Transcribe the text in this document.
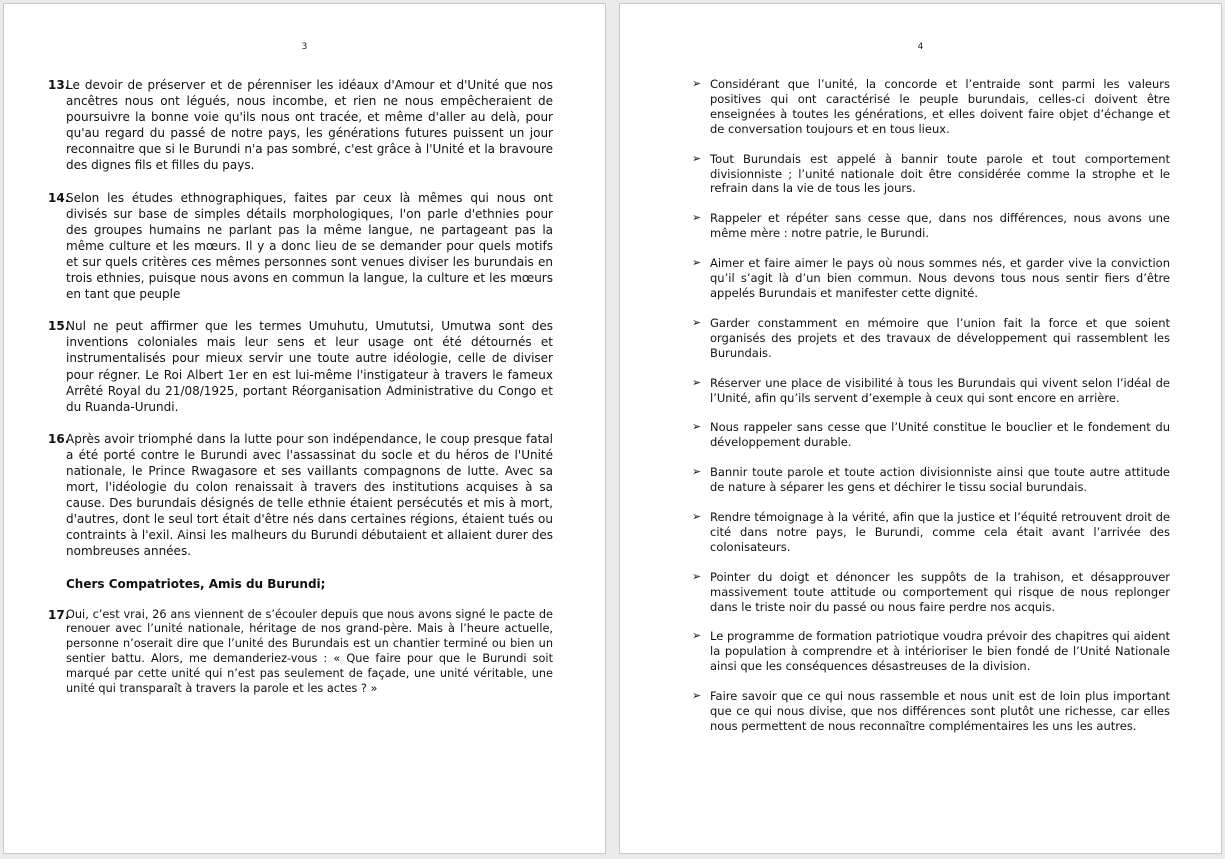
3

13.
Le devoir de préserver et de pérenniser les idéaux d'Amour et d'Unité que nos ancêtres nous ont légués, nous incombe, et rien ne nous empêcheraient de poursuivre la bonne voie qu'ils nous ont tracée, et même d'aller au delà, pour qu'au regard du passé de notre pays, les générations futures puissent un jour reconnaitre que si le Burundi n'a pas sombré, c'est grâce à l'Unité et la bravoure des dignes fils et filles du pays.

14.
Selon les études ethnographiques, faites par ceux là mêmes qui nous ont divisés sur base de simples détails morphologiques, l'on parle d'ethnies pour des groupes humains ne parlant pas la même langue, ne partageant pas la même culture et les mœurs. Il y a donc lieu de se demander pour quels motifs et sur quels critères ces mêmes personnes sont venues diviser les burundais en trois ethnies, puisque nous avons en commun la langue, la culture et les mœurs en tant que peuple

15.
Nul ne peut affirmer que les termes Umuhutu, Umututsi, Umutwa sont des inventions coloniales mais leur sens et leur usage ont été détournés et instrumentalisés pour mieux servir une toute autre idéologie, celle de diviser pour régner. Le Roi Albert 1er en est lui-même l'instigateur à travers le fameux Arrêté Royal du 21/08/1925, portant Réorganisation Administrative du Congo et du Ruanda-Urundi.

16.
Après avoir triomphé dans la lutte pour son indépendance, le coup presque fatal a été porté contre le Burundi avec l'assassinat du socle et du héros de l'Unité nationale, le Prince Rwagasore et ses vaillants compagnons de lutte. Avec sa mort, l'idéologie du colon renaissait à travers des institutions acquises à sa cause. Des burundais désignés de telle ethnie étaient persécutés et mis à mort, d'autres, dont le seul tort était d'être nés dans certaines régions, étaient tués ou contraints à l'exil. Ainsi les malheurs du Burundi débutaient et allaient durer des nombreuses années.

Chers Compatriotes, Amis du Burundi;

17.
Oui, c’est vrai, 26 ans viennent de s’écouler depuis que nous avons signé le pacte de renouer avec l’unité nationale, héritage de nos grand-père. Mais à l’heure actuelle, personne n’oserait dire que l’unité des Burundais est un chantier terminé ou bien un sentier battu. Alors, me demanderiez-vous : « Que faire pour que le Burundi soit marqué par cette unité qui n’est pas seulement de façade, une unité véritable, une unité qui transparaît à travers la parole et les actes ? »

4

➢ Considérant que l’unité, la concorde et l’entraide sont parmi les valeurs positives qui ont caractérisé le peuple burundais, celles-ci doivent être enseignées à toutes les générations, et elles doivent faire objet d’échange et de conversation toujours et en tous lieux.

➢ Tout Burundais est appelé à bannir toute parole et tout comportement divisionniste ; l’unité nationale doit être considérée comme la strophe et le refrain dans la vie de tous les jours.

➢ Rappeler et répéter sans cesse que, dans nos différences, nous avons une même mère : notre patrie, le Burundi.

➢ Aimer et faire aimer le pays où nous sommes nés, et garder vive la conviction qu’il s’agit là d’un bien commun. Nous devons tous nous sentir fiers d’être appelés Burundais et manifester cette dignité.

➢ Garder constamment en mémoire que l’union fait la force et que soient organisés des projets et des travaux de développement qui rassemblent les Burundais.

➢ Réserver une place de visibilité à tous les Burundais qui vivent selon l’idéal de l’Unité, afin qu’ils servent d’exemple à ceux qui sont encore en arrière.

➢ Nous rappeler sans cesse que l’Unité constitue le bouclier et le fondement du développement durable.

➢ Bannir toute parole et toute action divisionniste ainsi que toute autre attitude de nature à séparer les gens et déchirer le tissu social burundais.

➢ Rendre témoignage à la vérité, afin que la justice et l’équité retrouvent droit de cité dans notre pays, le Burundi, comme cela était avant l’arrivée des colonisateurs.

➢ Pointer du doigt et dénoncer les suppôts de la trahison, et désapprouver massivement toute attitude ou comportement qui risque de nous replonger dans le triste noir du passé ou nous faire perdre nos acquis.

➢ Le programme de formation patriotique voudra prévoir des chapitres qui aident la population à comprendre et à intérioriser le bien fondé de l’Unité Nationale ainsi que les conséquences désastreuses de la division.

➢ Faire savoir que ce qui nous rassemble et nous unit est de loin plus important que ce qui nous divise, que nos différences sont plutôt une richesse, car elles nous permettent de nous reconnaître complémentaires les uns les autres.
